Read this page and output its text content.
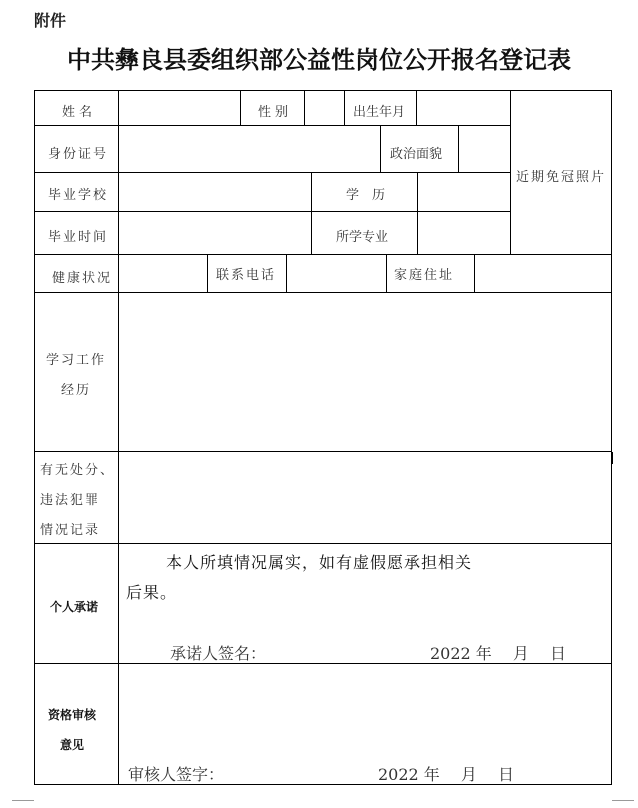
附件
中共彝良县委组织部公益性岗位公开报名登记表
姓名	性别	出生年月
近期免冠照片
身份证号	政治面貌
毕业学校	学　历
毕业时间	所学专业
健康状况	联系电话	家庭住址
学习工作
经历
有无处分、
违法犯罪
情况记录
个人承诺
本人所填情况属实，如有虚假愿承担相关
后果。
承诺人签名：	2022 年　 月　 日
资格审核
意见
审核人签字：	2022 年　 月　 日
